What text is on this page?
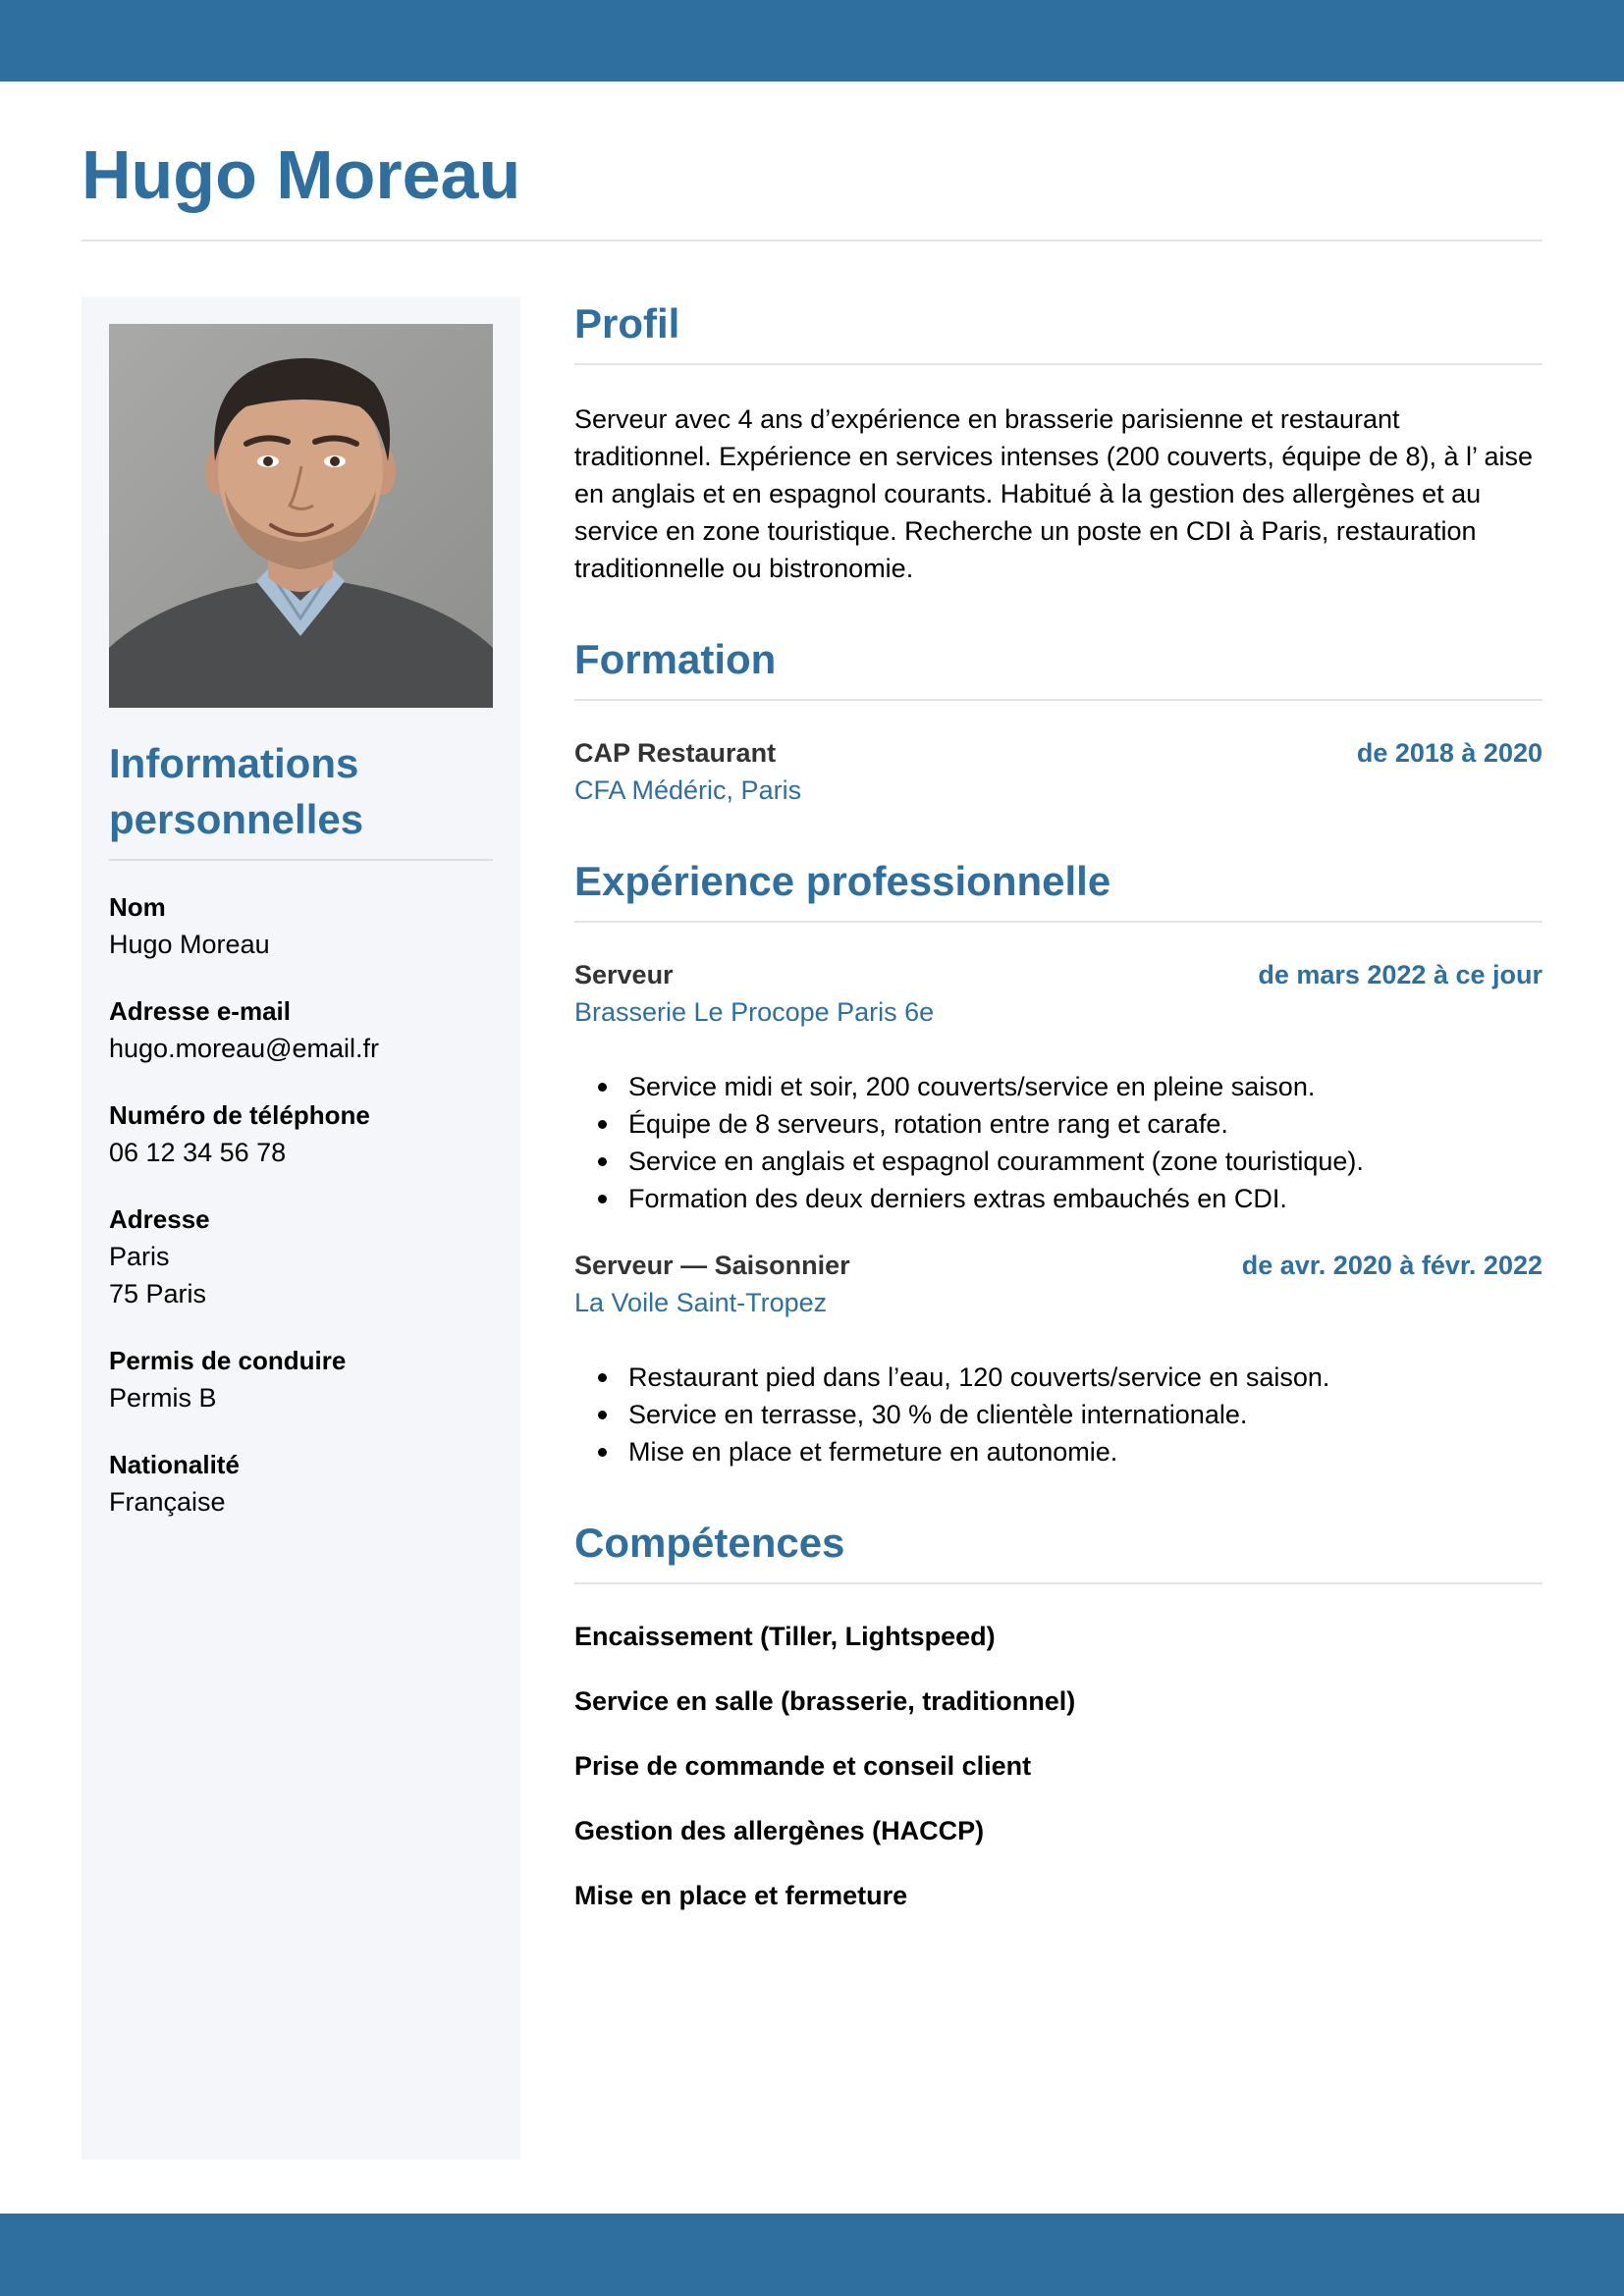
Hugo Moreau
Informations personnelles
Nom
Hugo Moreau
Adresse e-mail
hugo.moreau@email.fr
Numéro de téléphone
06 12 34 56 78
Adresse
Paris
75 Paris
Permis de conduire
Permis B
Nationalité
Française
Profil

Serveur avec 4 ans d’expérience en brasserie parisienne et restaurant traditionnel. Expérience en services intenses (200 couverts, équipe de 8), à l’ aise en anglais et en espagnol courants. Habitué à la gestion des allergènes et au service en zone touristique. Recherche un poste en CDI à Paris, restauration traditionnelle ou bistronomie.

Formation
CAP Restaurant	de 2018 à 2020
CFA Médéric, Paris
Expérience professionnelle
Serveur	de mars 2022 à ce jour
Brasserie Le Procope Paris 6e
Service midi et soir, 200 couverts/service en pleine saison.
Équipe de 8 serveurs, rotation entre rang et carafe.
Service en anglais et espagnol couramment (zone touristique).
Formation des deux derniers extras embauchés en CDI.
Serveur — Saisonnier	de avr. 2020 à févr. 2022
La Voile Saint-Tropez
Restaurant pied dans l’eau, 120 couverts/service en saison.
Service en terrasse, 30 % de clientèle internationale.
Mise en place et fermeture en autonomie.
Compétences
Encaissement (Tiller, Lightspeed)
Service en salle (brasserie, traditionnel)
Prise de commande et conseil client
Gestion des allergènes (HACCP)
Mise en place et fermeture
